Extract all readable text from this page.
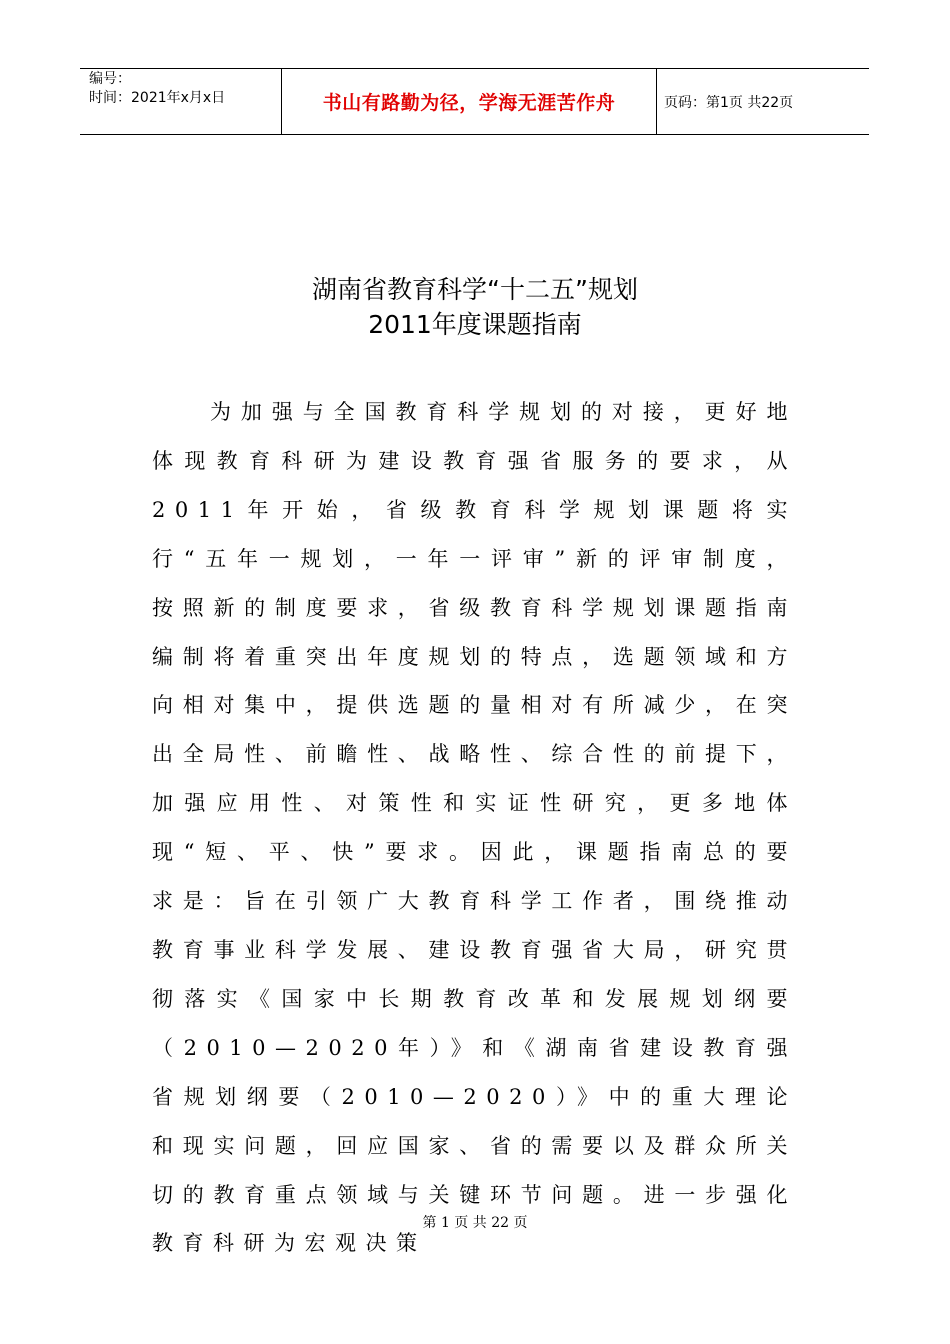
编号：
时间：2021年x月x日	书山有路勤为径，学海无涯苦作舟	页码：第1页 共22页
湖南省教育科学“十二五”规划
2011年度课题指南

为加强与全国教育科学规划的对接，更好地体现教育科研为建设教育强省服务的要求，从2011年开始，省级教育科学规划课题将实行“五年一规划，一年一评审”新的评审制度，按照新的制度要求，省级教育科学规划课题指南编制将着重突出年度规划的特点，选题领域和方向相对集中，提供选题的量相对有所减少，在突出全局性、前瞻性、战略性、综合性的前提下，加强应用性、对策性和实证性研究，更多地体现“短、平、快”要求。因此，课题指南总的要求是：旨在引领广大教育科学工作者，围绕推动教育事业科学发展、建设教育强省大局，研究贯彻落实《国家中长期教育改革和发展规划纲要（2010—2020年）》和《湖南省建设教育强省规划纲要（2010—2020）》中的重大理论和现实问题，回应国家、省的需要以及群众所关切的教育重点领域与关键环节问题。进一步强化教育科研为宏观决策

第 1 页 共 22 页
